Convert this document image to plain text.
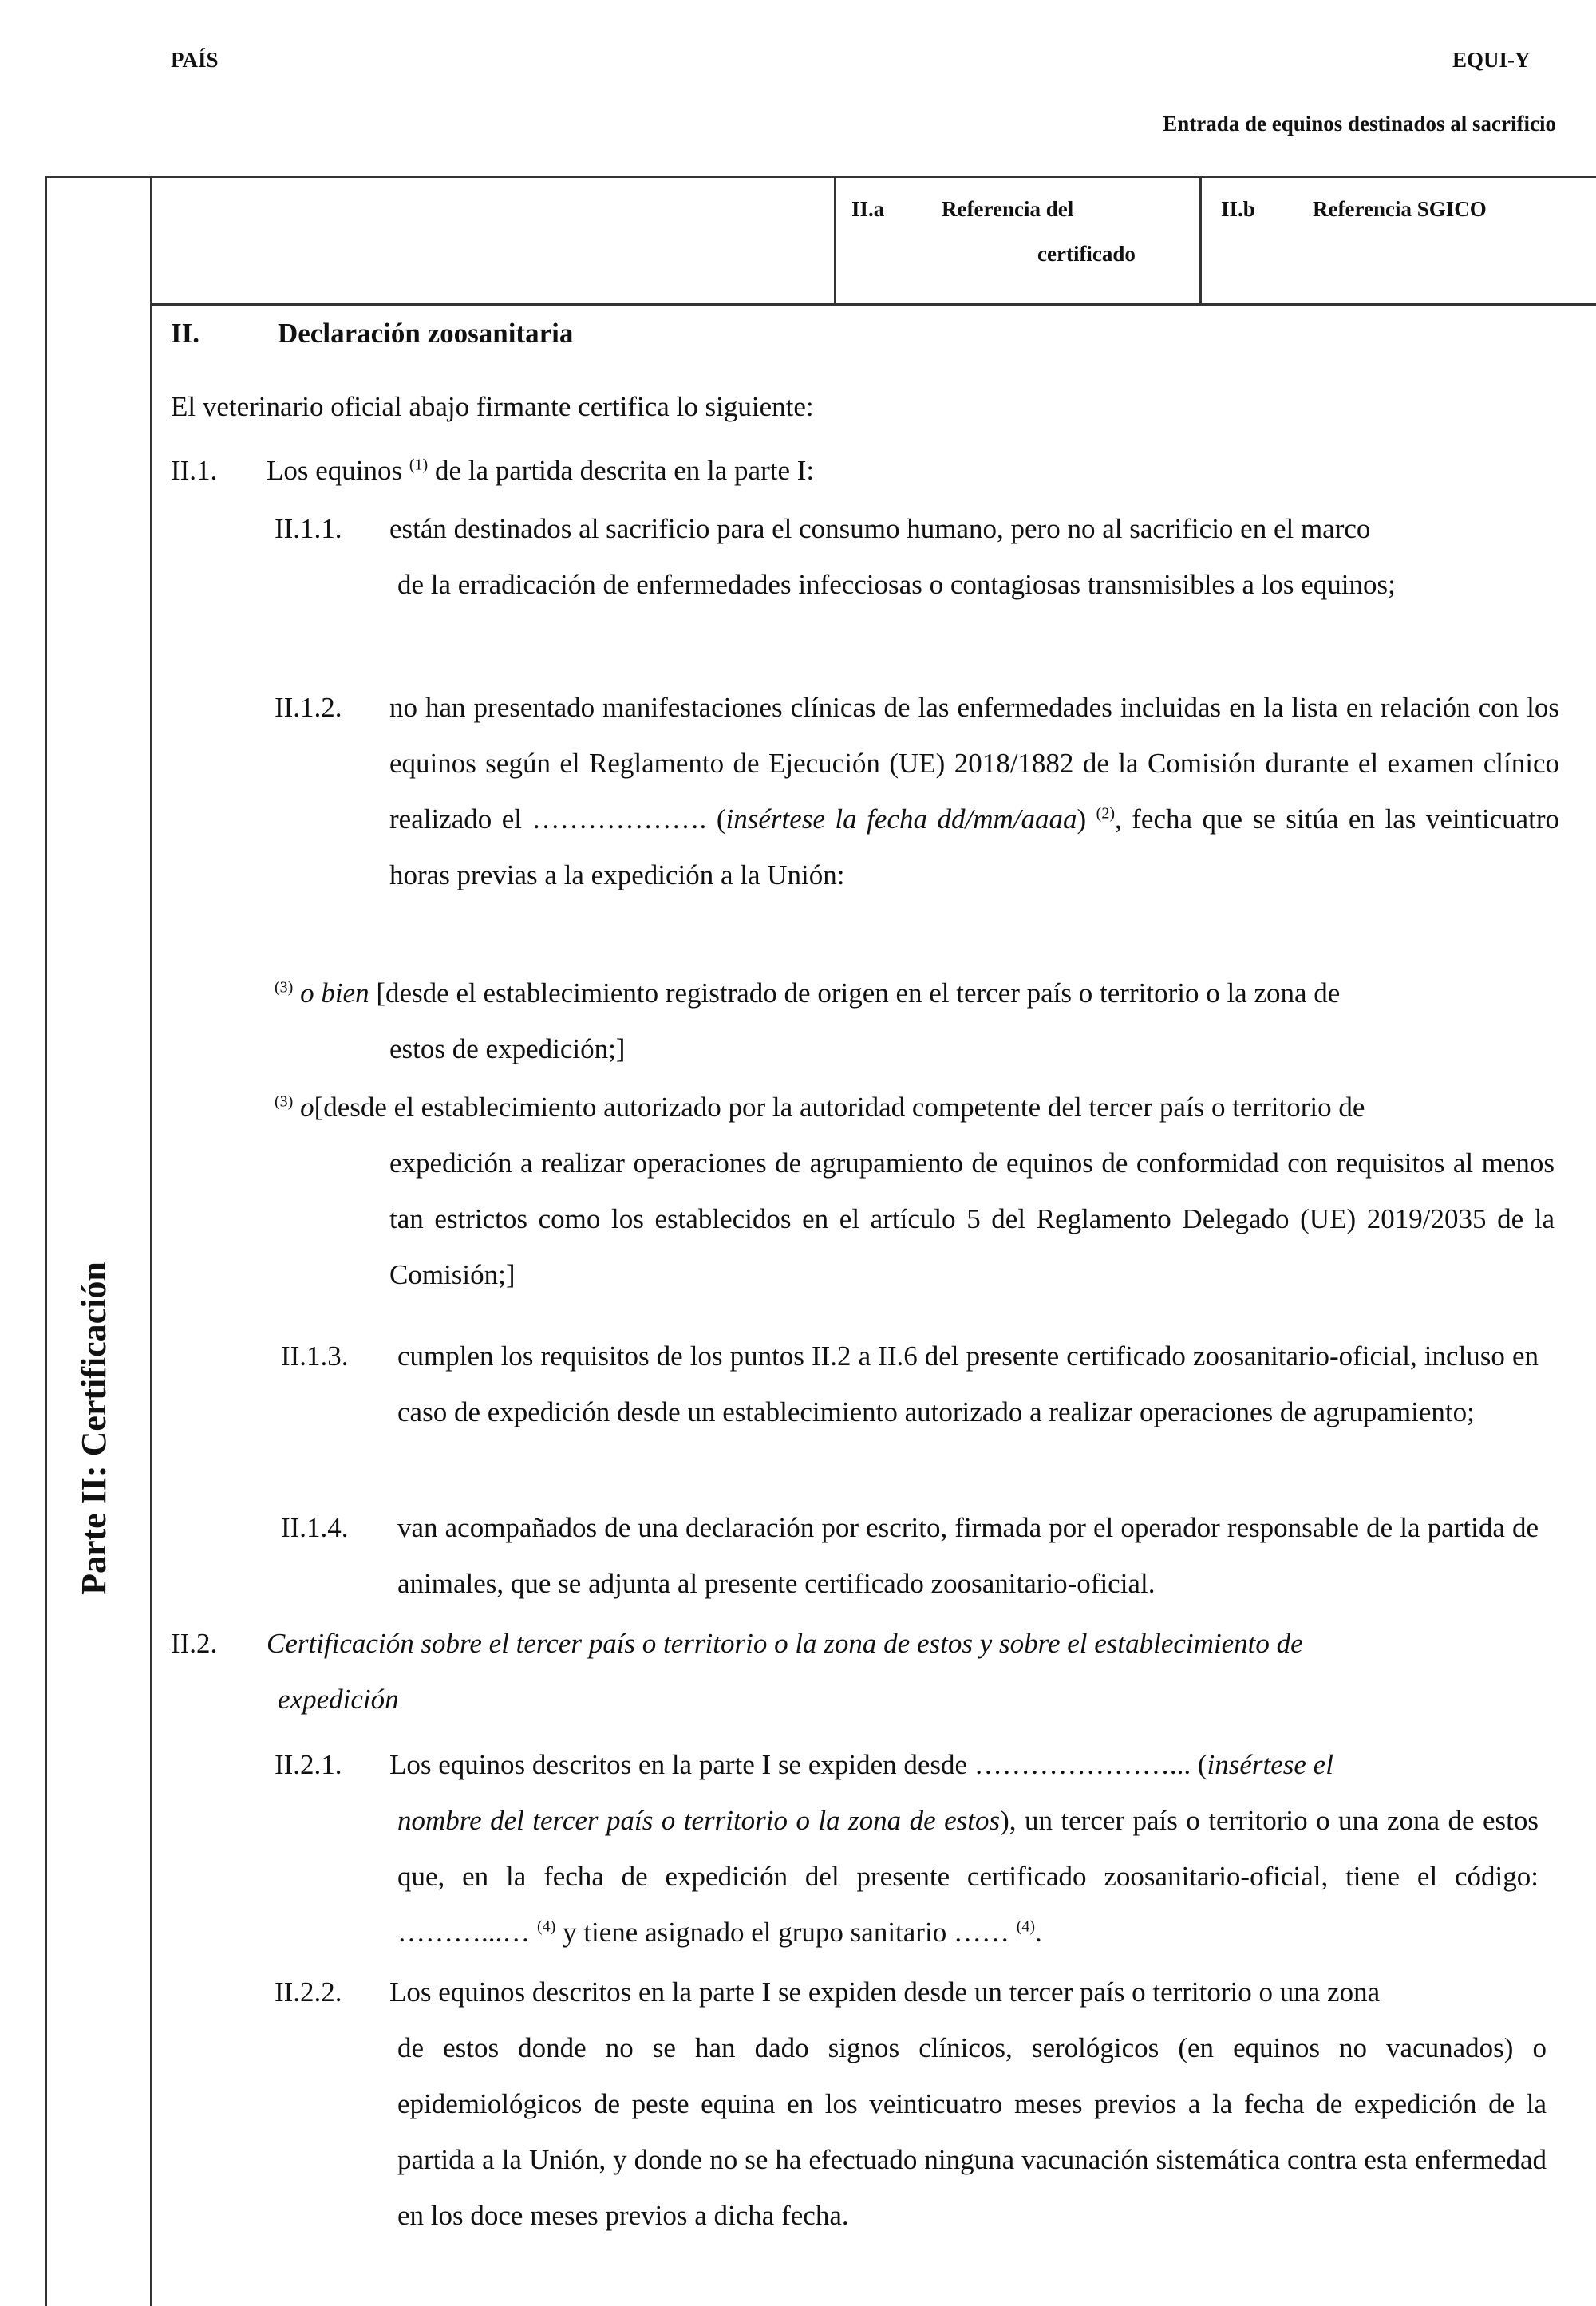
PAÍS	EQUI-Y
Entrada de equinos destinados al sacrificio
Parte II: Certificación
II.a	Referencia del
certificado
II.b	Referencia SGICO
II.	Declaración zoosanitaria
El veterinario oficial abajo firmante certifica lo siguiente:
II.1. Los equinos $^{(1)}$ de la partida descrita en la parte I:
II.1.1. están destinados al sacrificio para el consumo humano, pero no al sacrificio en el marco
de la erradicación de enfermedades infecciosas o contagiosas transmisibles a los equinos;
II.1.2. no han presentado manifestaciones clínicas de las enfermedades incluidas en la lista en relación con los equinos según el Reglamento de Ejecución (UE) 2018/1882 de la Comisión durante el examen clínico realizado el ………………. (insértese la fecha dd/mm/aaaa) $^{(2)}$, fecha que se sitúa en las veinticuatro horas previas a la expedición a la Unión:
$^{(3)}$ o bien [desde el establecimiento registrado de origen en el tercer país o territorio o la zona de
estos de expedición;]
$^{(3)}$ o[desde el establecimiento autorizado por la autoridad competente del tercer país o territorio de
expedición a realizar operaciones de agrupamiento de equinos de conformidad con requisitos al menos tan estrictos como los establecidos en el artículo 5 del Reglamento Delegado (UE) 2019/2035 de la Comisión;]
II.1.3. cumplen los requisitos de los puntos II.2 a II.6 del presente certificado zoosanitario-oficial, incluso en caso de expedición desde un establecimiento autorizado a realizar operaciones de agrupamiento;
II.1.4. van acompañados de una declaración por escrito, firmada por el operador responsable de la partida de animales, que se adjunta al presente certificado zoosanitario-oficial.
II.2. Certificación sobre el tercer país o territorio o la zona de estos y sobre el establecimiento de
expedición
II.2.1. Los equinos descritos en la parte I se expiden desde …………………... (insértese el
nombre del tercer país o territorio o la zona de estos), un tercer país o territorio o una zona de estos que, en la fecha de expedición del presente certificado zoosanitario-oficial, tiene el código: ………...… $^{(4)}$ y tiene asignado el grupo sanitario …… $^{(4)}$.
II.2.2. Los equinos descritos en la parte I se expiden desde un tercer país o territorio o una zona
de estos donde no se han dado signos clínicos, serológicos (en equinos no vacunados) o epidemiológicos de peste equina en los veinticuatro meses previos a la fecha de expedición de la partida a la Unión, y donde no se ha efectuado ninguna vacunación sistemática contra esta enfermedad en los doce meses previos a dicha fecha.
